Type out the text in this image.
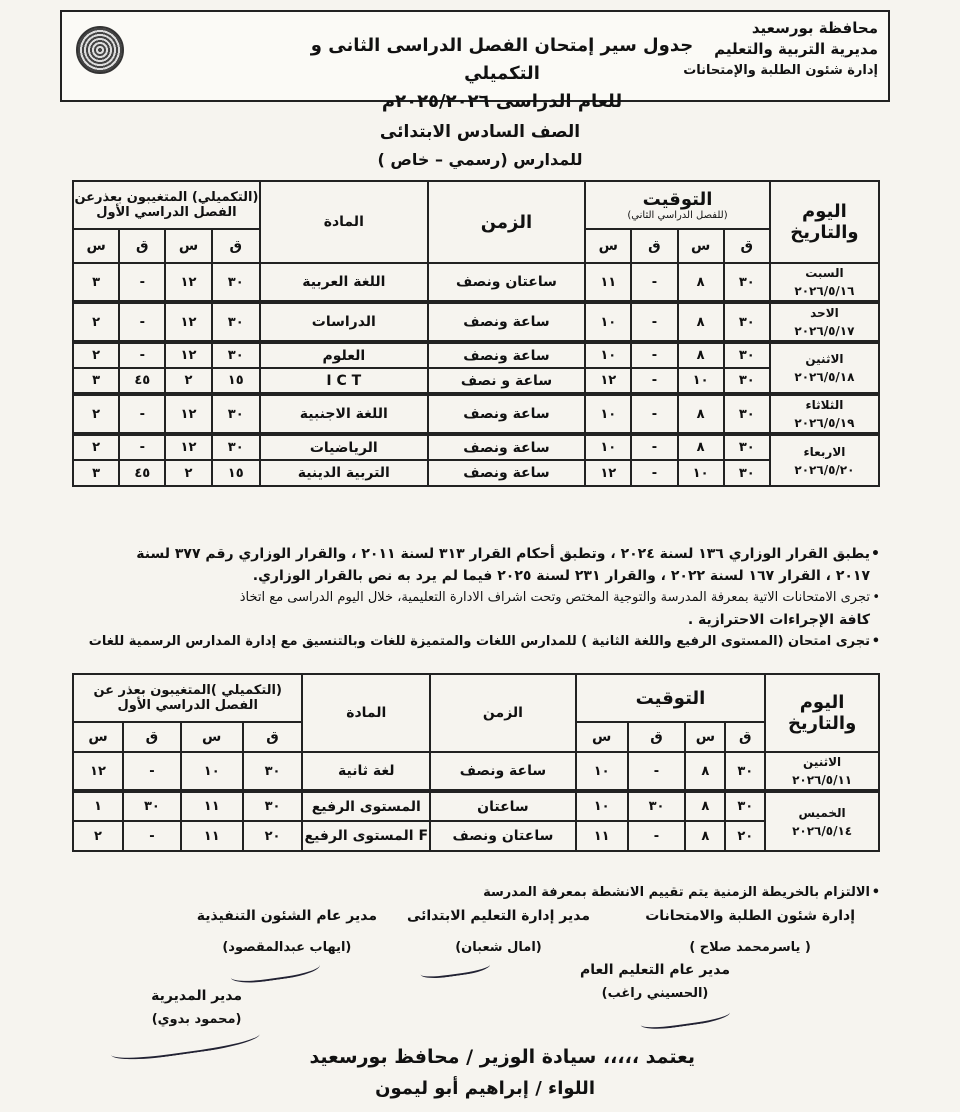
محافظة بورسعيد
مديرية التربية والتعليم
إدارة شئون الطلبة والإمتحانات
جدول سير إمتحان الفصل الدراسى الثانى و التكميلي
للعام الدراسى ٢٠٢٥/٢٠٢٦م
الصف السادس الابتدائى
للمدارس (رسمي – خاص )
اليوم والتاريخ	التوقيت
(للفصل الدراسي الثاني)				الزمن	المادة	(التكميلي) المتغيبون بعذرعن الفصل الدراسي الأول			
	ق	س	ق	س			ق	س	ق	س

السبت
٢٠٢٦/٥/١٦	٣٠	٨	-	١١	ساعتان ونصف	اللغة العربية	٣٠	١٢	-	٣

الاحد
٢٠٢٦/٥/١٧	٣٠	٨	-	١٠	ساعة ونصف	الدراسات	٣٠	١٢	-	٢

الاثنين
٢٠٢٦/٥/١٨	٣٠	٨	-	١٠	ساعة ونصف	العلوم	٣٠	١٢	-	٢
	٣٠	١٠	-	١٢	ساعة و نصف	I C T	١٥	٢	٤٥	٣

الثلاثاء
٢٠٢٦/٥/١٩	٣٠	٨	-	١٠	ساعة ونصف	اللغة الاجنبية	٣٠	١٢	-	٢

الاربعاء
٢٠٢٦/٥/٢٠	٣٠	٨	-	١٠	ساعة ونصف	الرياضيات	٣٠	١٢	-	٢
	٣٠	١٠	-	١٢	ساعة ونصف	التربية الدينية	١٥	٢	٤٥	٣
•يطبق القرار الوزاري ١٣٦ لسنة ٢٠٢٤ ، وتطبق أحكام القرار ٣١٣ لسنة ٢٠١١ ، والقرار الوزاري رقم ٣٧٧ لسنة
٢٠١٧ ، القرار ١٦٧ لسنة ٢٠٢٢ ، والقرار ٢٣١ لسنة ٢٠٢٥ فيما لم يرد به نص بالقرار الوزاري.
•تجرى الامتحانات الاتية بمعرفة المدرسة والتوجية المختص وتحت اشراف الادارة التعليمية، خلال اليوم الدراسى مع اتخاذ
كافة الإجراءات الاحترازية .
•تجرى امتحان (المستوى الرفيع واللغة الثانية ) للمدارس اللغات والمتميزة للغات وبالتنسيق مع إدارة المدارس الرسمية للغات
اليوم والتاريخ	التوقيت				الزمن	المادة	(التكميلي )المتغيبون بعذر عن الفصل الدراسي الأول			
	ق	س	ق	س			ق	س	ق	س

الاثنين
٢٠٢٦/٥/١١	٣٠	٨	-	١٠	ساعة ونصف	لغة ثانية	٣٠	١٠	-	١٢

الخميس
٢٠٢٦/٥/١٤	٣٠	٨	٣٠	١٠	ساعتان	المستوى الرفيع	٣٠	١١	٣٠	١
	٢٠	٨	-	١١	ساعتان ونصف	F المستوى الرفيع	٢٠	١١	-	٢
•الالتزام بالخريطة الزمنية يتم تقييم الانشطة بمعرفة المدرسة
إدارة شئون الطلبة والامتحانات
( ياسرمحمد صلاح )
مدير إدارة التعليم الابتدائى
(امال شعبان)
مدير عام الشئون التنفيذية
(ايهاب عبدالمقصود)
مدير عام التعليم العام
(الحسيني راغب)
مدير المديرية
(محمود بدوي)
يعتمد ،،،،، سيادة الوزير / محافظ بورسعيد
اللواء / إبراهيم أبو ليمون
